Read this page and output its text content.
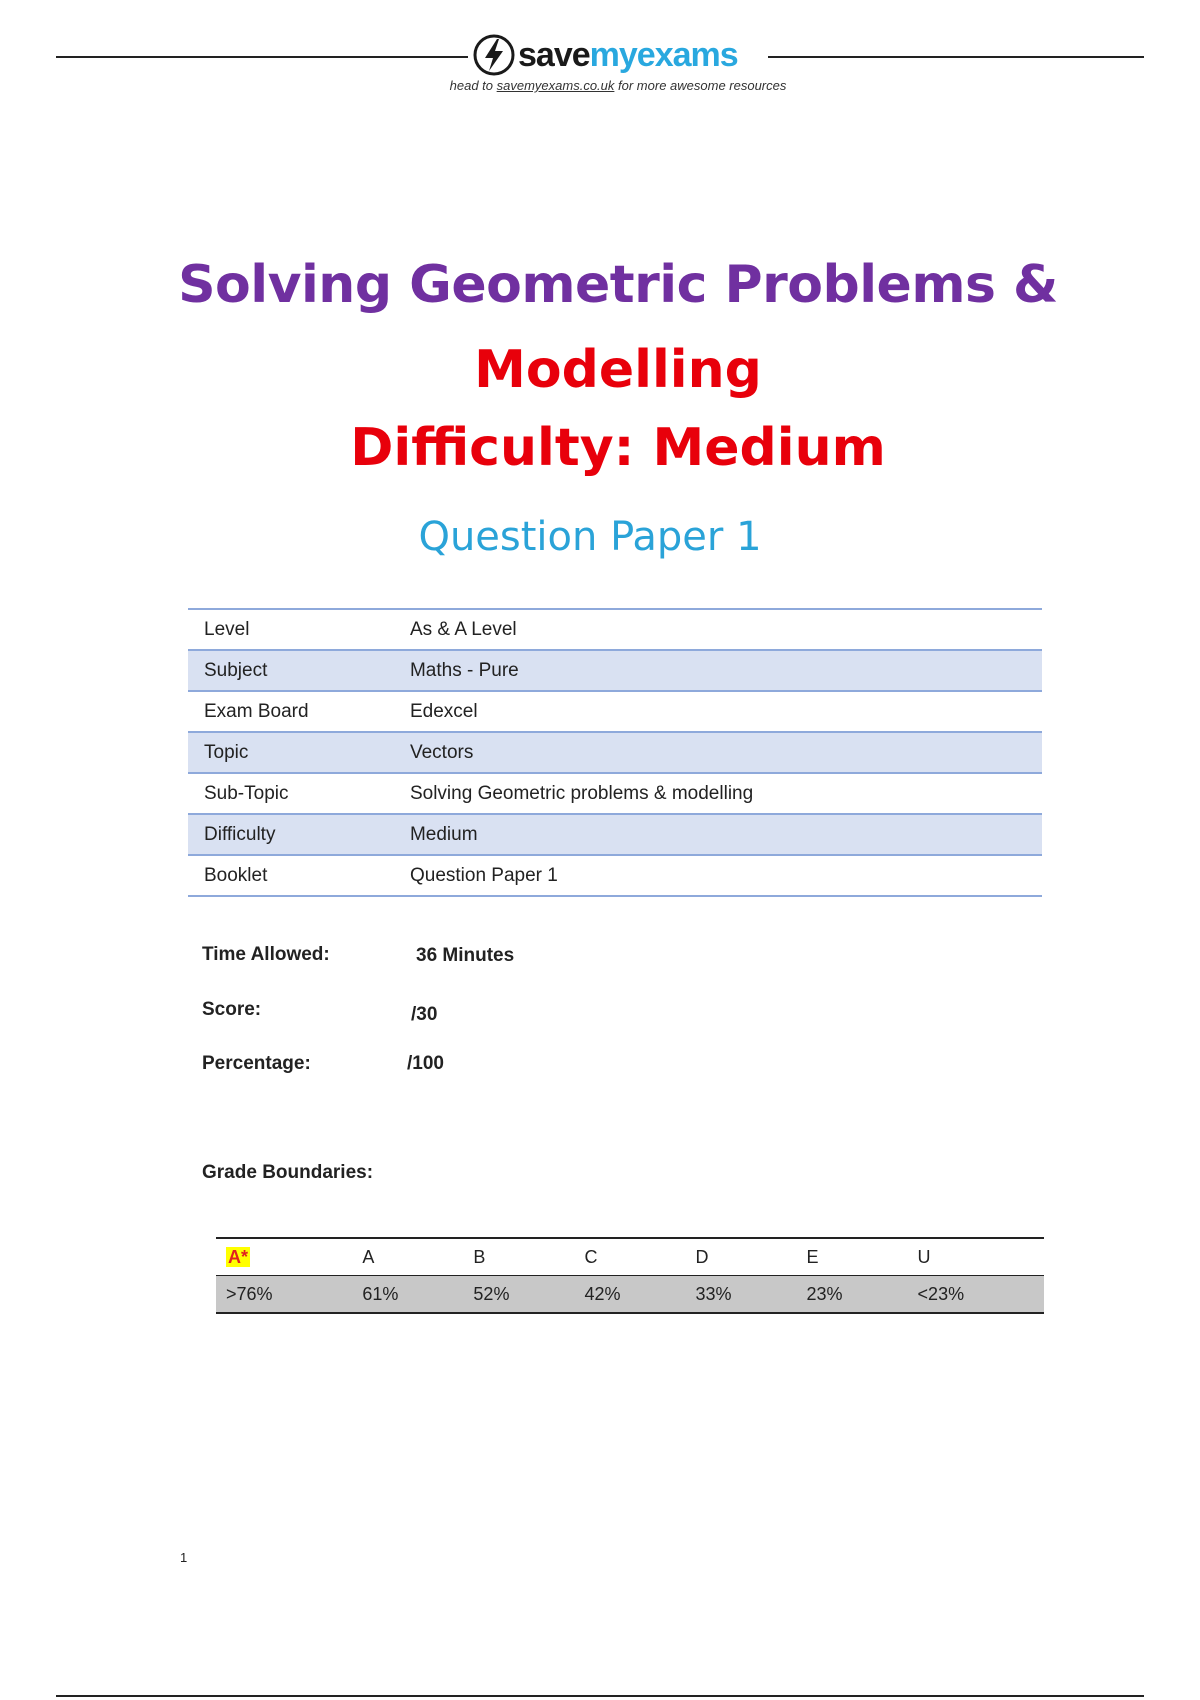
savemyexams
head to savemyexams.co.uk for more awesome resources
Solving Geometric Problems &
Modelling
Difficulty: Medium
Question Paper 1
Level	As & A Level
Subject	Maths - Pure
Exam Board	Edexcel
Topic	Vectors
Sub-Topic	Solving Geometric problems & modelling
Difficulty	Medium
Booklet	Question Paper 1
Time Allowed:	36 Minutes
Score:	/30
Percentage:	/100
Grade Boundaries:
A*	A	B	C	D	E	U
>76%	61%	52%	42%	33%	23%	<23%
1
